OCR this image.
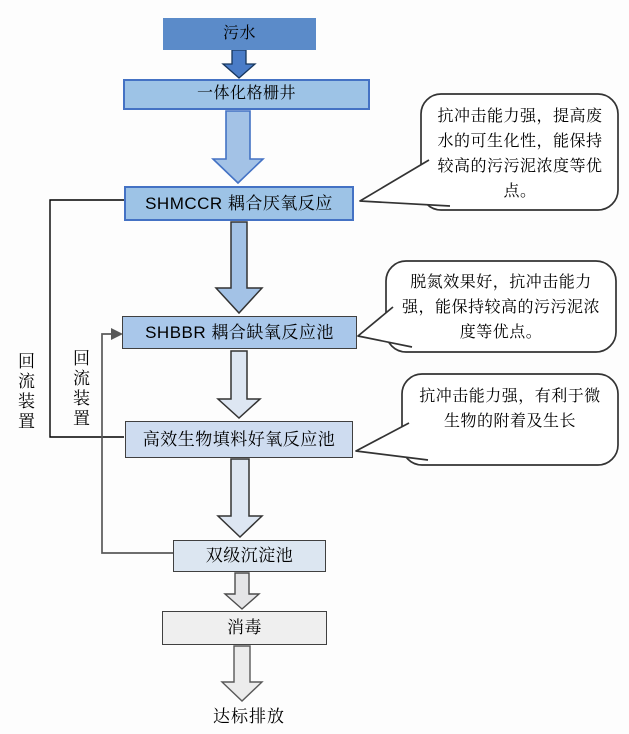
污水
一体化格栅井
SHMCCR 耦合厌氧反应
SHBBR 耦合缺氧反应池
高效生物填料好氧反应池
双级沉淀池
消毒
达标排放
抗冲击能力强，提高废水的可生化性，能保持较高的污污泥浓度等优点。
脱氮效果好，抗冲击能力强，能保持较高的污污泥浓度等优点。
抗冲击能力强，有利于微生物的附着及生长
回流装置 回流装置
